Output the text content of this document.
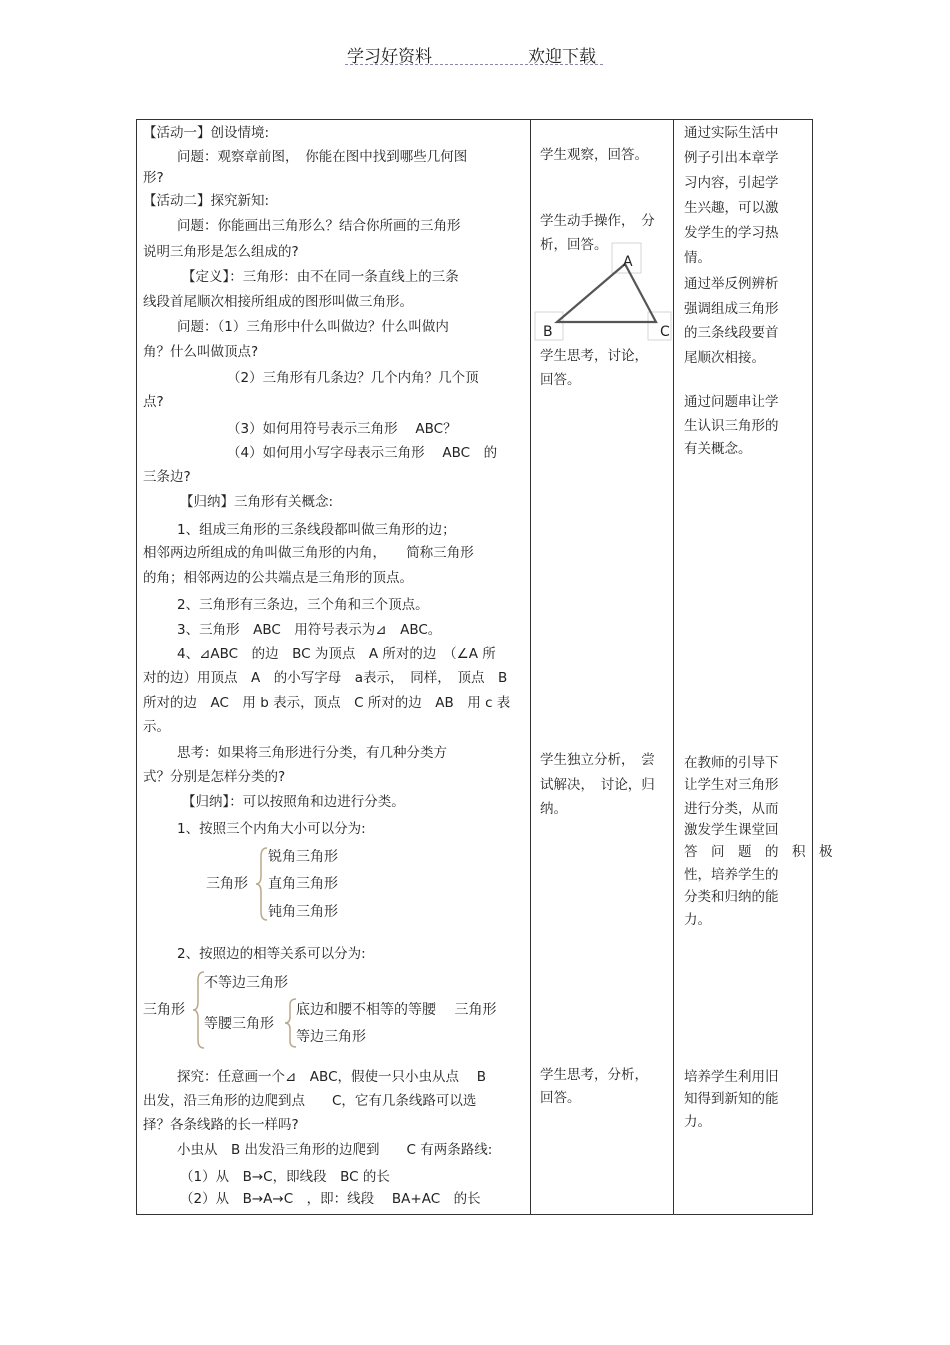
学习好资料	欢迎下载
【活动一】创设情境:
问题：观察章前图，　你能在图中找到哪些几何图
形?
【活动二】探究新知:
问题：你能画出三角形么？结合你所画的三角形
说明三角形是怎么组成的?
【定义】：三角形：由不在同一条直线上的三条
线段首尾顺次相接所组成的图形叫做三角形。
问题：（1）三角形中什么叫做边？什么叫做内
角？什么叫做顶点?
（2）三角形有几条边？几个内角？几个顶
点?
（3）如何用符号表示三角形　 ABC？
（4）如何用小写字母表示三角形　 ABC　的
三条边?
【归纳】三角形有关概念:
1、组成三角形的三条线段都叫做三角形的边；
相邻两边所组成的角叫做三角形的内角，　　简称三角形
的角；相邻两边的公共端点是三角形的顶点。
2、三角形有三条边，三个角和三个顶点。
3、三角形　ABC　用符号表示为⊿　ABC。
4、⊿ABC　的边　BC 为顶点　A 所对的边　（∠A 所
对的边）用顶点　A　的小写字母　a表示，　同样，　顶点　B
所对的边　AC　用 b 表示，顶点　C 所对的边　AB　用 c 表
示。
思考：如果将三角形进行分类，有几种分类方
式？分别是怎样分类的?
【归纳】：可以按照角和边进行分类。
1、按照三个内角大小可以分为:
三角形
锐角三角形
直角三角形
钝角三角形
2、按照边的相等关系可以分为:
三角形
不等边三角形
等腰三角形
底边和腰不相等的等腰　 三角形
等边三角形
探究：任意画一个⊿　ABC，假使一只小虫从点　 B
出发，沿三角形的边爬到点　　C，它有几条线路可以选
择？各条线路的长一样吗?
小虫从　B 出发沿三角形的边爬到　　C 有两条路线:
（1）从　B→C，即线段　BC 的长
（2）从　B→A→C　，即：线段　 BA+AC　的长
学生观察，回答。
学生动手操作，　分
析，回答。
A
B	C
学生思考，讨论，
回答。
学生独立分析，　尝
试解决，　讨论，归
纳。
学生思考，分析，
回答。
通过实际生活中
例子引出本章学
习内容，引起学
生兴趣，可以激
发学生的学习热
情。
通过举反例辨析
强调组成三角形
的三条线段要首
尾顺次相接。
通过问题串让学
生认识三角形的
有关概念。
在教师的引导下
让学生对三角形
进行分类，从而
激发学生课堂回
答　问　题　的　积　极
性，培养学生的
分类和归纳的能
力。
培养学生利用旧
知得到新知的能
力。
